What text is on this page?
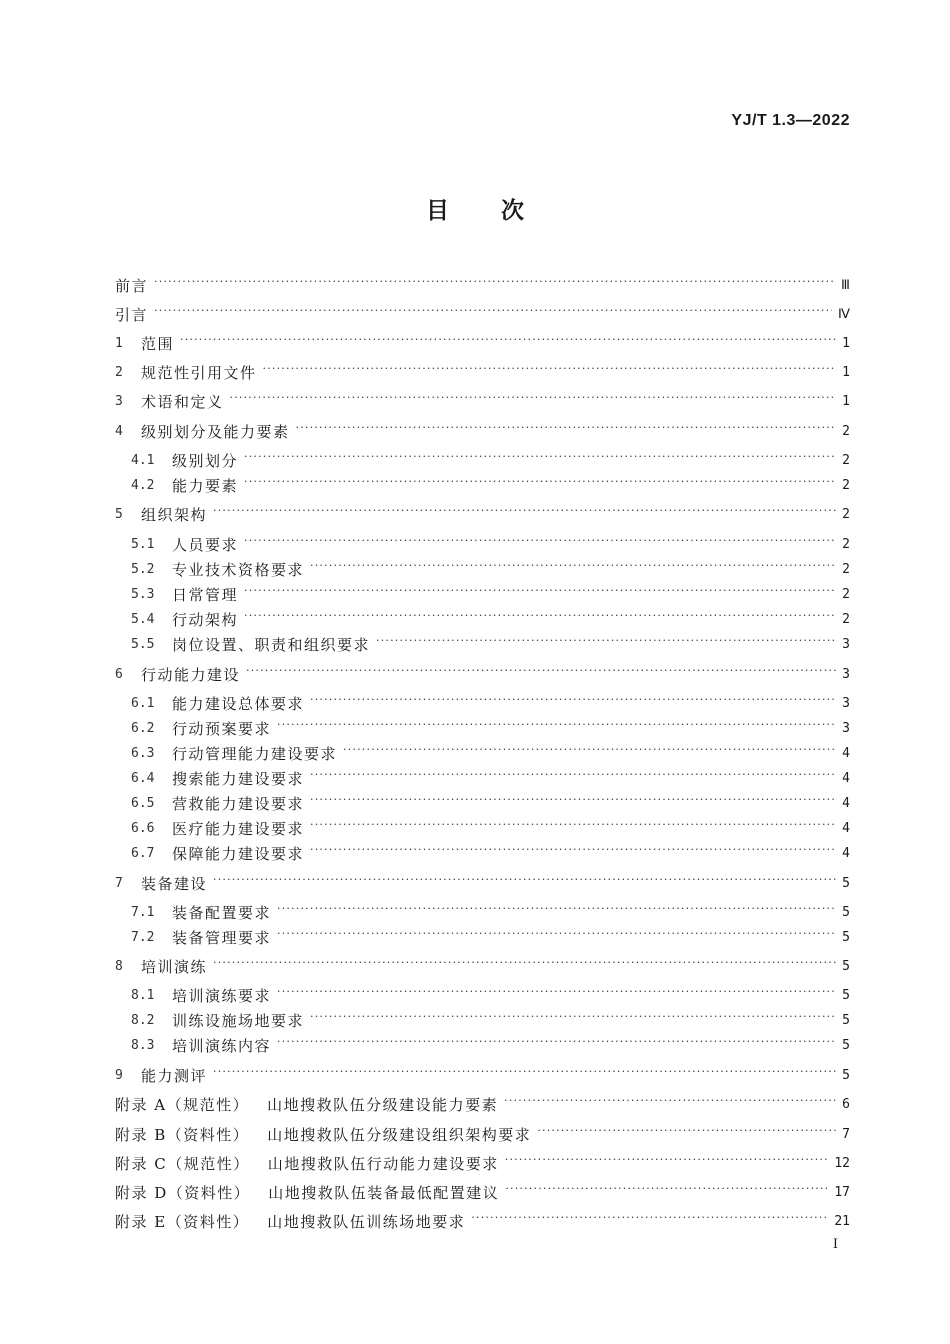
YJ/T 1.3—2022
目次
前言 ·····	Ⅲ
引言 ·····	Ⅳ
1	范围 ·····	1
2	规范性引用文件 ·····	1
3	术语和定义 ·····	1
4	级别划分及能力要素 ·····	2
4.1	级别划分 ·····	2
4.2	能力要素 ·····	2
5	组织架构 ·····	2
5.1	人员要求 ·····	2
5.2	专业技术资格要求 ·····	2
5.3	日常管理 ·····	2
5.4	行动架构 ·····	2
5.5	岗位设置、职责和组织要求 ·····	3
6	行动能力建设 ·····	3
6.1	能力建设总体要求 ·····	3
6.2	行动预案要求 ·····	3
6.3	行动管理能力建设要求 ·····	4
6.4	搜索能力建设要求 ·····	4
6.5	营救能力建设要求 ·····	4
6.6	医疗能力建设要求 ·····	4
6.7	保障能力建设要求 ·····	4
7	装备建设 ·····	5
7.1	装备配置要求 ·····	5
7.2	装备管理要求 ·····	5
8	培训演练 ·····	5
8.1	培训演练要求 ·····	5
8.2	训练设施场地要求 ·····	5
8.3	培训演练内容 ·····	5
9	能力测评 ·····	5
附录 A（规范性）	山地搜救队伍分级建设能力要素 ·····	6
附录 B（资料性）	山地搜救队伍分级建设组织架构要求 ·····	7
附录 C（规范性）	山地搜救队伍行动能力建设要求 ·····	12
附录 D（资料性）	山地搜救队伍装备最低配置建议 ·····	17
附录 E（资料性）	山地搜救队伍训练场地要求 ·····	21
Ⅰ
